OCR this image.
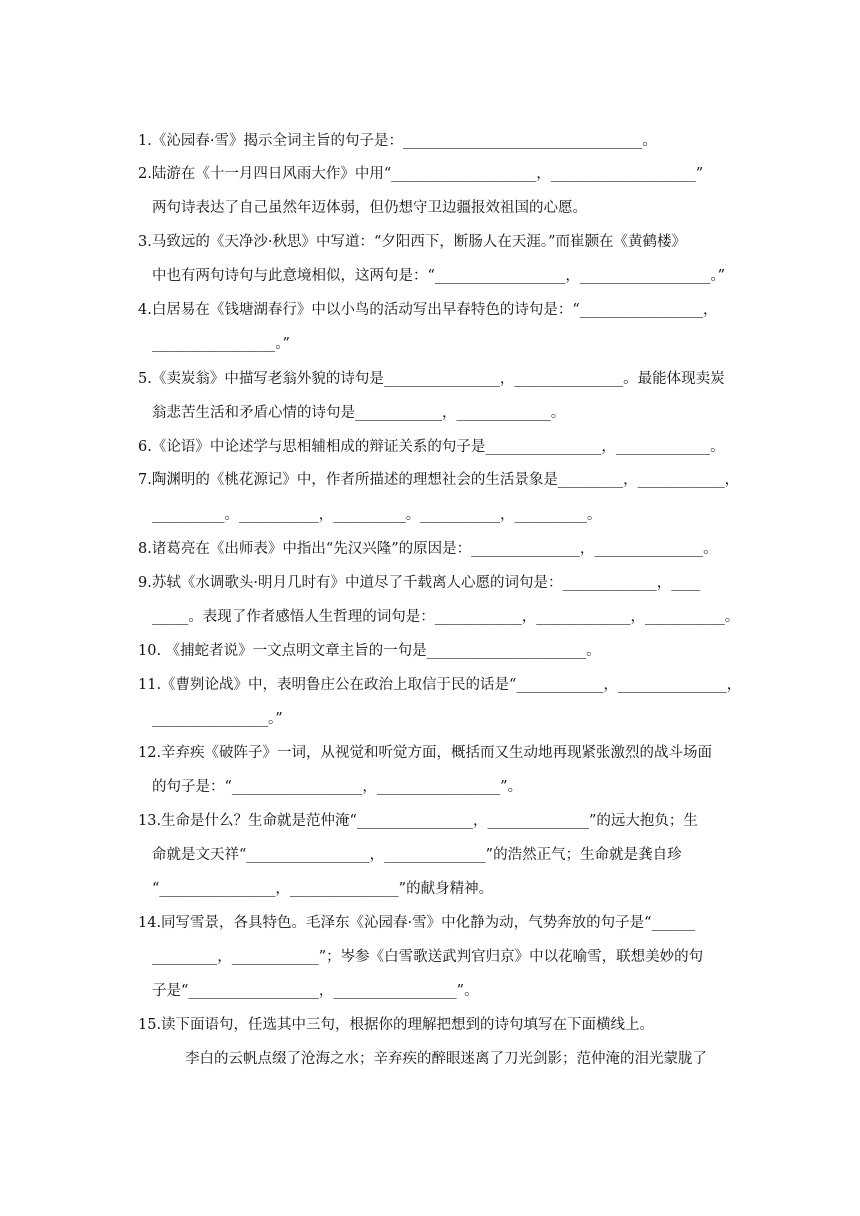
1.《沁园春·雪》揭示全词主旨的句子是：_________________________________。
2.陆游在《十一月四日风雨大作》中用“____________________，____________________”
两句诗表达了自己虽然年迈体弱，但仍想守卫边疆报效祖国的心愿。
3.马致远的《天净沙·秋思》中写道：“夕阳西下，断肠人在天涯。”而崔颢在《黄鹤楼》
中也有两句诗句与此意境相似，这两句是：“__________________，__________________。”
4.白居易在《钱塘湖春行》中以小鸟的活动写出早春特色的诗句是：“_________________，
_________________。”
5.《卖炭翁》中描写老翁外貌的诗句是________________，_______________。最能体现卖炭
翁悲苦生活和矛盾心情的诗句是____________，_____________。
6.《论语》中论述学与思相辅相成的辩证关系的句子是________________，_____________。
7.陶渊明的《桃花源记》中，作者所描述的理想社会的生活景象是_________，____________，
__________。___________，__________。___________，__________。
8.诸葛亮在《出师表》中指出“先汉兴隆”的原因是：_______________，_______________。
9.苏轼《水调歌头·明月几时有》中道尽了千载离人心愿的词句是：_____________，____
_____。表现了作者感悟人生哲理的词句是：____________，_____________，___________。
10. 《捕蛇者说》一文点明文章主旨的一句是______________________。
11.《曹刿论战》中，表明鲁庄公在政治上取信于民的话是“____________，_______________，
________________。”
12.辛弃疾《破阵子》一词，从视觉和听觉方面，概括而又生动地再现紧张激烈的战斗场面
的句子是：“__________________，_________________”。
13.生命是什么？生命就是范仲淹“________________，______________”的远大抱负；生
命就是文天祥“_________________，______________”的浩然正气；生命就是龚自珍
“________________，_______________”的献身精神。
14.同写雪景，各具特色。毛泽东《沁园春·雪》中化静为动，气势奔放的句子是“______
_________，____________”；岑参《白雪歌送武判官归京》中以花喻雪，联想美妙的句
子是“__________________，_________________”。
15.读下面语句，任选其中三句，根据你的理解把想到的诗句填写在下面横线上。
李白的云帆点缀了沧海之水；辛弃疾的醉眼迷离了刀光剑影；范仲淹的泪光蒙胧了
